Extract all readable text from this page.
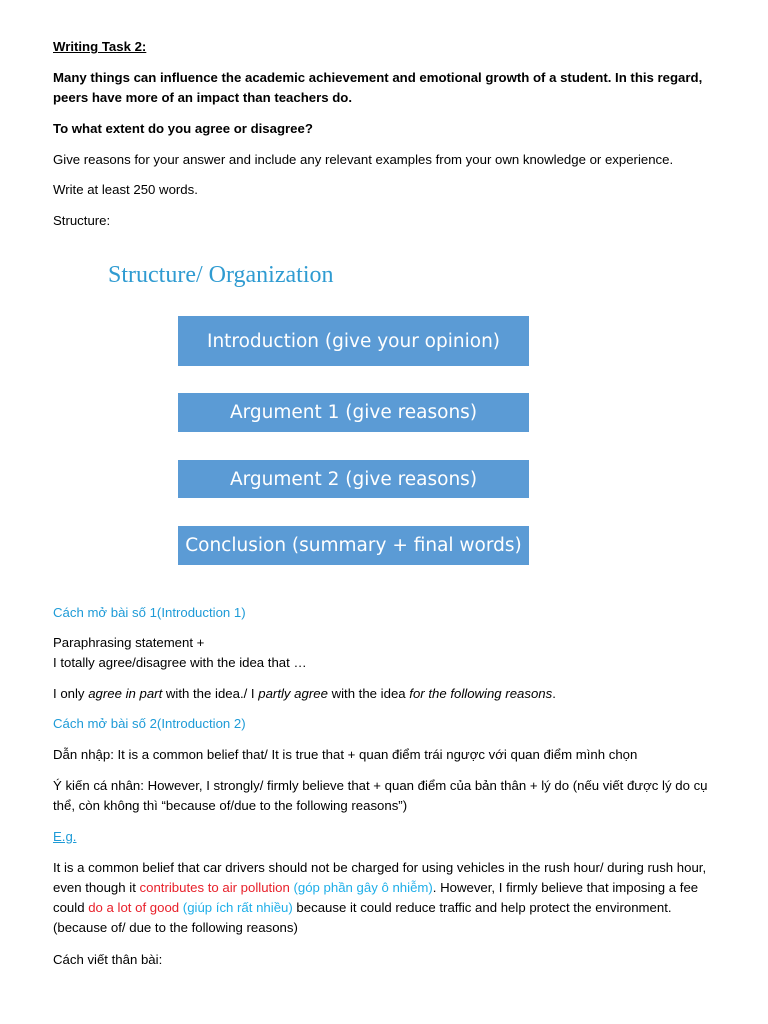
Writing Task 2:
Many things can influence the academic achievement and emotional growth of a student. In this regard, peers have more of an impact than teachers do.
To what extent do you agree or disagree?
Give reasons for your answer and include any relevant examples from your own knowledge or experience.
Write at least 250 words.
Structure:
Structure/ Organization
Introduction (give your opinion)
Argument 1 (give reasons)
Argument 2 (give reasons)
Conclusion (summary + final words)
Cách mở bài số 1(Introduction 1)
Paraphrasing statement +
I totally agree/disagree with the idea that …
I only agree in part with the idea./ I partly agree with the idea for the following reasons.
Cách mở bài số 2(Introduction 2)
Dẫn nhập: It is a common belief that/ It is true that + quan điểm trái ngược với quan điểm mình chọn
Ý kiến cá nhân: However, I strongly/ firmly believe that + quan điểm của bản thân + lý do (nếu viết được lý do cụ thể, còn không thì “because of/due to the following reasons”)
E.g.
It is a common belief that car drivers should not be charged for using vehicles in the rush hour/ during rush hour, even though it contributes to air pollution (góp phần gây ô nhiễm). However, I firmly believe that imposing a fee could do a lot of good (giúp ích rất nhiều) because it could reduce traffic and help protect the environment. (because of/ due to the following reasons)
Cách viết thân bài:
